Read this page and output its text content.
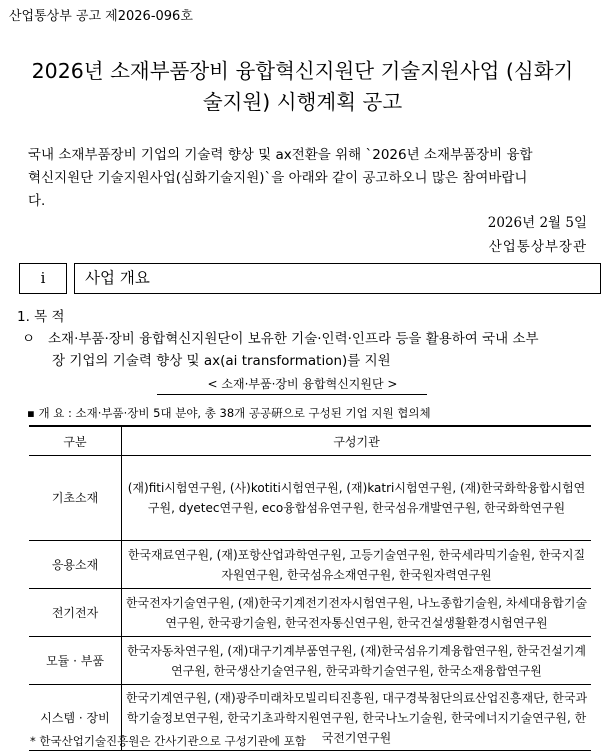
산업통상부 공고 제2026-096호
2026년 소재부품장비 융합혁신지원단 기술지원사업 (심화기
술지원) 시행계획 공고
국내 소재부품장비 기업의 기술력 향상 및 ax전환을 위해 `2026년 소재부품장비 융합
혁신지원단 기술지원사업(심화기술지원)`을 아래와 같이 공고하오니 많은 참여바랍니
다.
2026년 2월 5일
산업통상부장관
i	사업 개요
1. 목 적
ㅇ 소재·부품·장비 융합혁신지원단이 보유한 기술·인력·인프라 등을 활용하여 국내 소부
장 기업의 기술력 향상 및 ax(ai transformation)를 지원
< 소재·부품·장비 융합혁신지원단 >
▪ 개 요 : 소재·부품·장비 5대 분야, 총 38개 공공硏으로 구성된 기업 지원 협의체
구분	구성기관
기초소재	(재)fiti시험연구원, (사)kotiti시험연구원, (재)katri시험연구원, (재)한국화학융합시험연구원, dyetec연구원, eco융합섬유연구원, 한국섬유개발연구원, 한국화학연구원
응용소재	한국재료연구원, (재)포항산업과학연구원, 고등기술연구원, 한국세라믹기술원, 한국지질자원연구원, 한국섬유소재연구원, 한국원자력연구원
전기전자	한국전자기술연구원, (재)한국기계전기전자시험연구원, 나노종합기술원, 차세대융합기술연구원, 한국광기술원, 한국전자통신연구원, 한국건설생활환경시험연구원
모듈 · 부품	한국자동차연구원, (재)대구기계부품연구원, (재)한국섬유기계융합연구원, 한국건설기계연구원, 한국생산기술연구원, 한국과학기술연구원, 한국소재융합연구원
시스템 · 장비	한국기계연구원, (재)광주미래차모빌리티진흥원, 대구경북첨단의료산업진흥재단, 한국과학기술정보연구원, 한국기초과학지원연구원, 한국나노기술원, 한국에너지기술연구원, 한국전기연구원
* 한국산업기술진흥원은 간사기관으로 구성기관에 포함
